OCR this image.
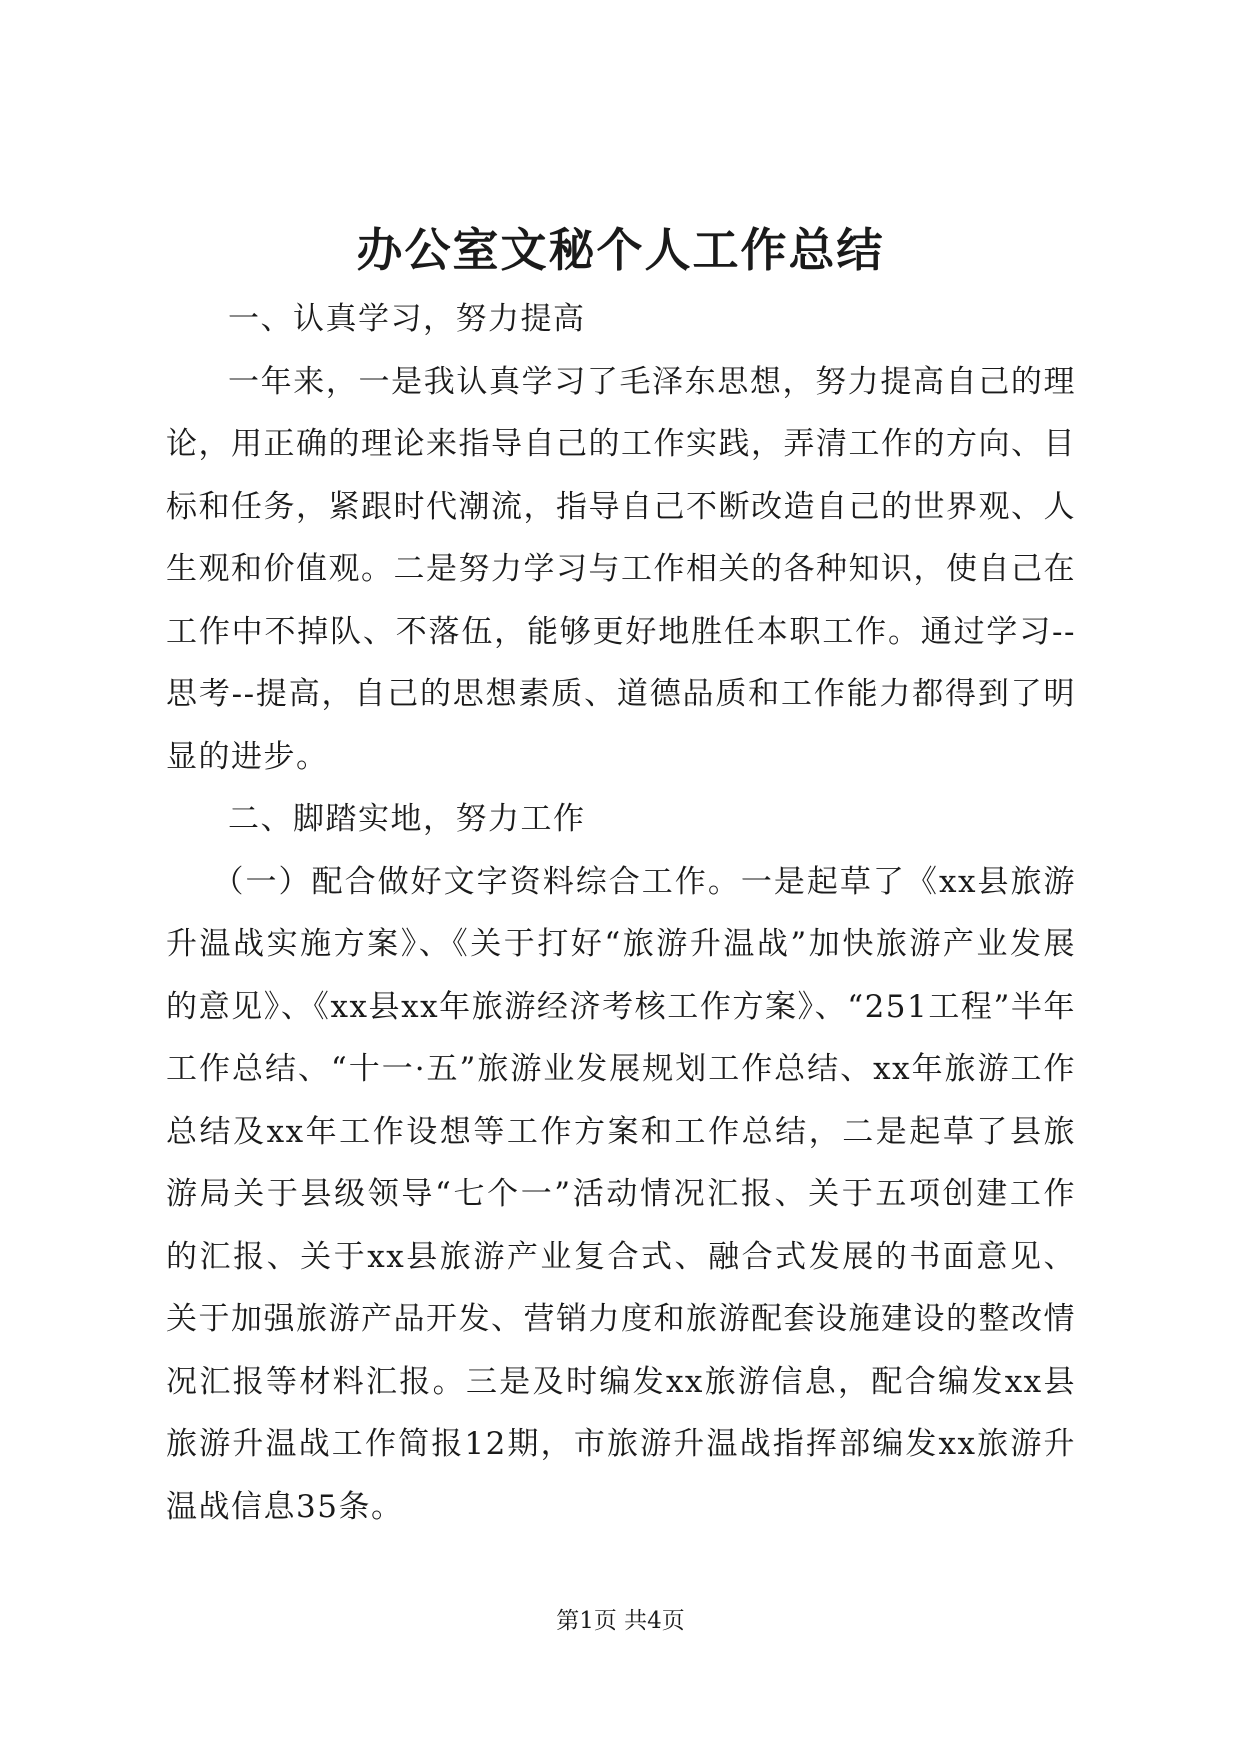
办公室文秘个人工作总结

一、认真学习，努力提高

一年来，一是我认真学习了毛泽东思想，努力提高自己的理论，用正确的理论来指导自己的工作实践，弄清工作的方向、目标和任务，紧跟时代潮流，指导自己不断改造自己的世界观、人生观和价值观。二是努力学习与工作相关的各种知识，使自己在工作中不掉队、不落伍，能够更好地胜任本职工作。通过学习--思考--提高，自己的思想素质、道德品质和工作能力都得到了明显的进步。

二、脚踏实地，努力工作

（一）配合做好文字资料综合工作。一是起草了《xx县旅游升温战实施方案》、《关于打好“旅游升温战”加快旅游产业发展的意见》、《xx县xx年旅游经济考核工作方案》、“251工程”半年工作总结、“十一·五”旅游业发展规划工作总结、xx年旅游工作总结及xx年工作设想等工作方案和工作总结，二是起草了县旅游局关于县级领导“七个一”活动情况汇报、关于五项创建工作的汇报、关于xx县旅游产业复合式、融合式发展的书面意见、关于加强旅游产品开发、营销力度和旅游配套设施建设的整改情况汇报等材料汇报。三是及时编发xx旅游信息，配合编发xx县旅游升温战工作简报12期，市旅游升温战指挥部编发xx旅游升温战信息35条。

第1页 共4页
